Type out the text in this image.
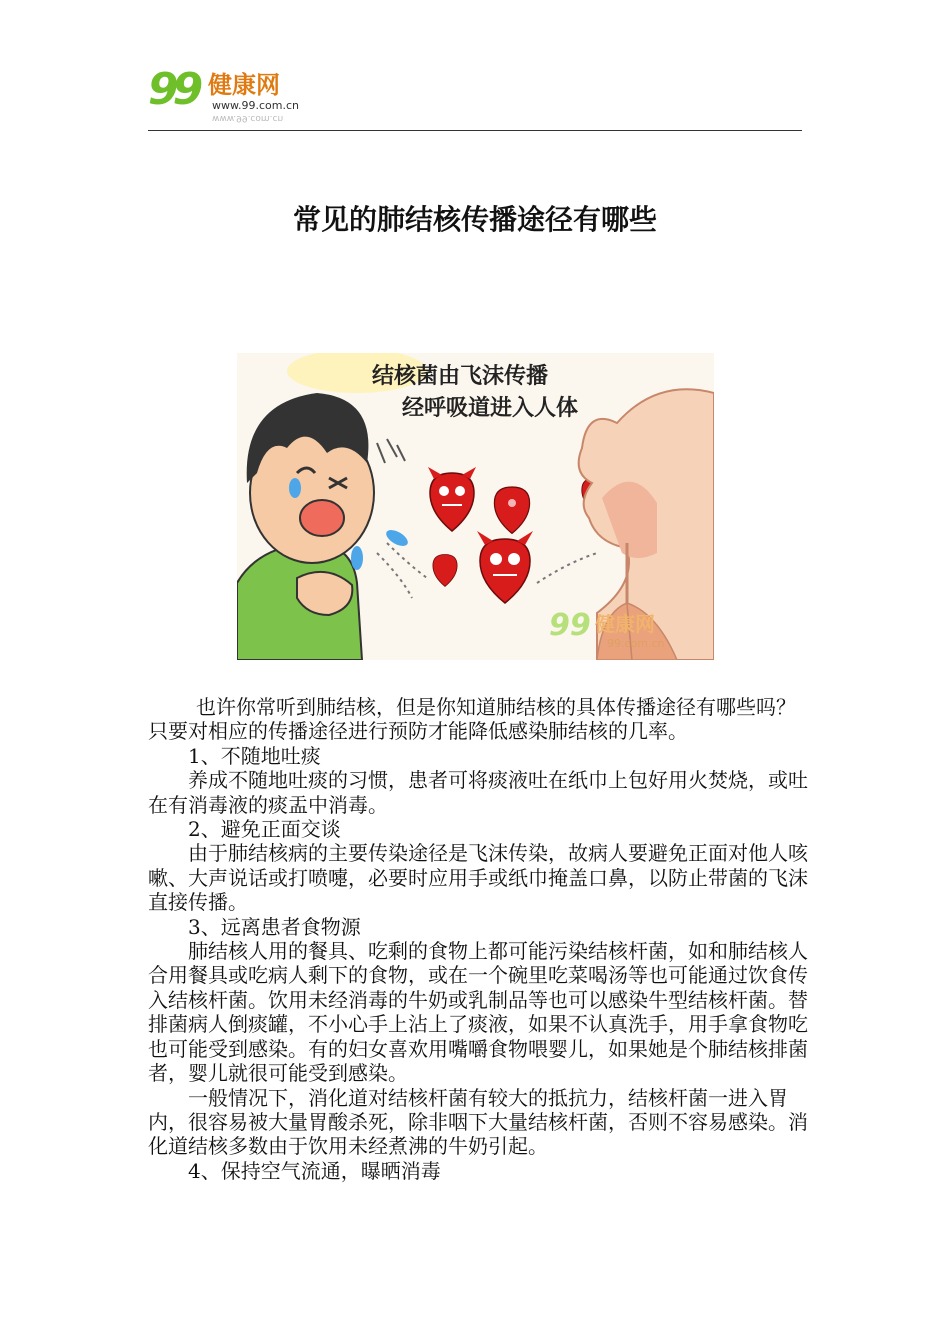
99 健康网
www.99.com.cn
www.99.com.cn
常见的肺结核传播途径有哪些
结核菌由飞沫传播
经呼吸道进入人体
99 健康网
99.com.cn

也许你常听到肺结核，但是你知道肺结核的具体传播途径有哪些吗？只要对相应的传播途径进行预防才能降低感染肺结核的几率。

1、不随地吐痰

养成不随地吐痰的习惯，患者可将痰液吐在纸巾上包好用火焚烧，或吐在有消毒液的痰盂中消毒。

2、避免正面交谈

由于肺结核病的主要传染途径是飞沫传染，故病人要避免正面对他人咳嗽、大声说话或打喷嚏，必要时应用手或纸巾掩盖口鼻，以防止带菌的飞沫直接传播。

3、远离患者食物源

肺结核人用的餐具、吃剩的食物上都可能污染结核杆菌，如和肺结核人合用餐具或吃病人剩下的食物，或在一个碗里吃菜喝汤等也可能通过饮食传入结核杆菌。饮用未经消毒的牛奶或乳制品等也可以感染牛型结核杆菌。替排菌病人倒痰罐，不小心手上沾上了痰液，如果不认真洗手，用手拿食物吃也可能受到感染。有的妇女喜欢用嘴嚼食物喂婴儿，如果她是个肺结核排菌者，婴儿就很可能受到感染。

一般情况下，消化道对结核杆菌有较大的抵抗力，结核杆菌一进入胃内，很容易被大量胃酸杀死，除非咽下大量结核杆菌，否则不容易感染。消化道结核多数由于饮用未经煮沸的牛奶引起。

4、保持空气流通，曝晒消毒
